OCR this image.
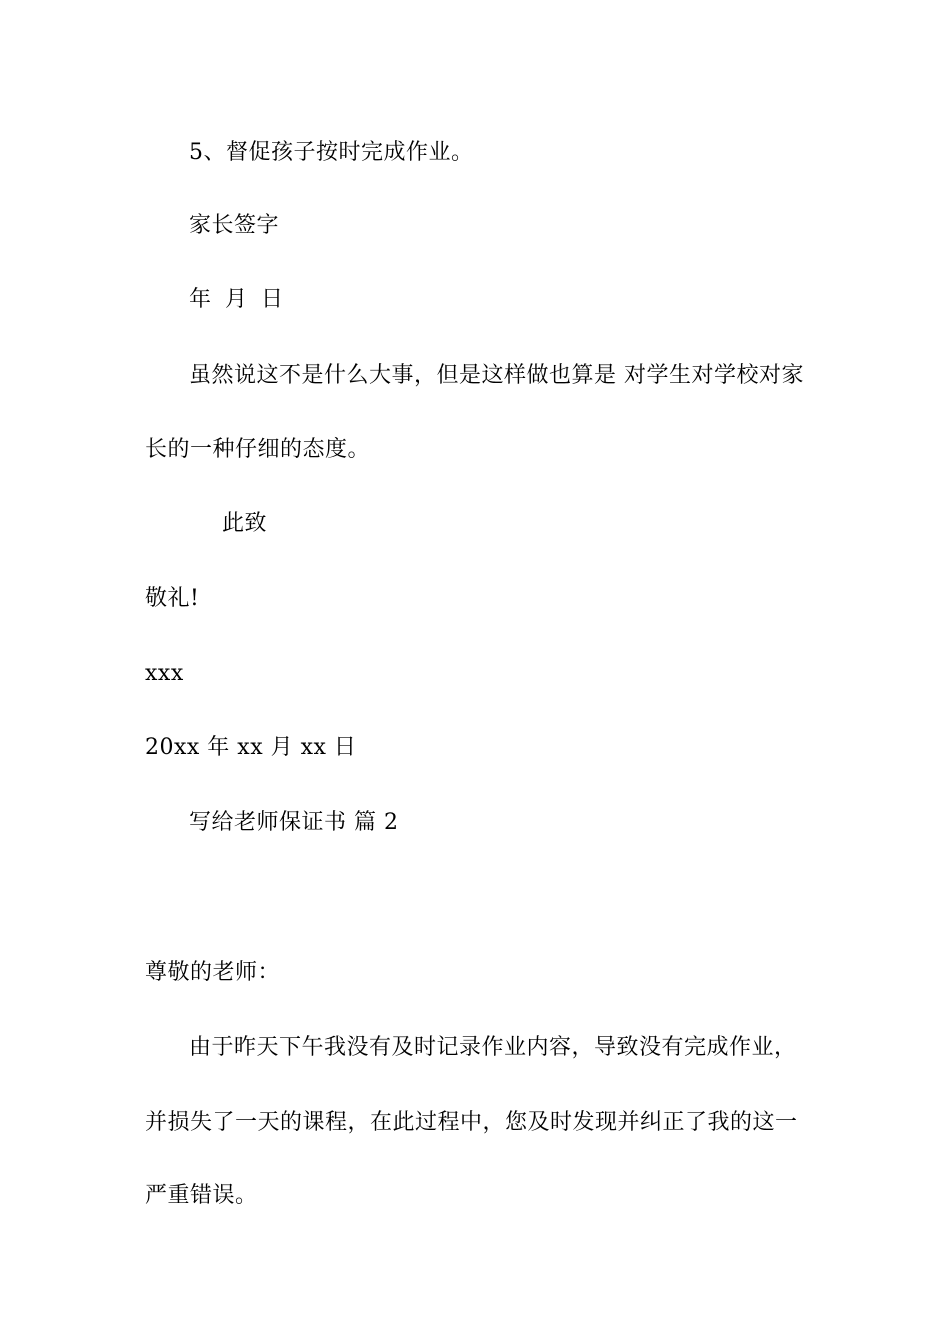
5、督促孩子按时完成作业。
家长签字
年 月 日
虽然说这不是什么大事，但是这样做也算是 对学生对学校对家
长的一种仔细的态度。
此致
敬礼!
xxx
20xx 年 xx 月 xx 日
写给老师保证书 篇 2
尊敬的老师：
由于昨天下午我没有及时记录作业内容，导致没有完成作业，
并损失了一天的课程，在此过程中，您及时发现并纠正了我的这一
严重错误。
